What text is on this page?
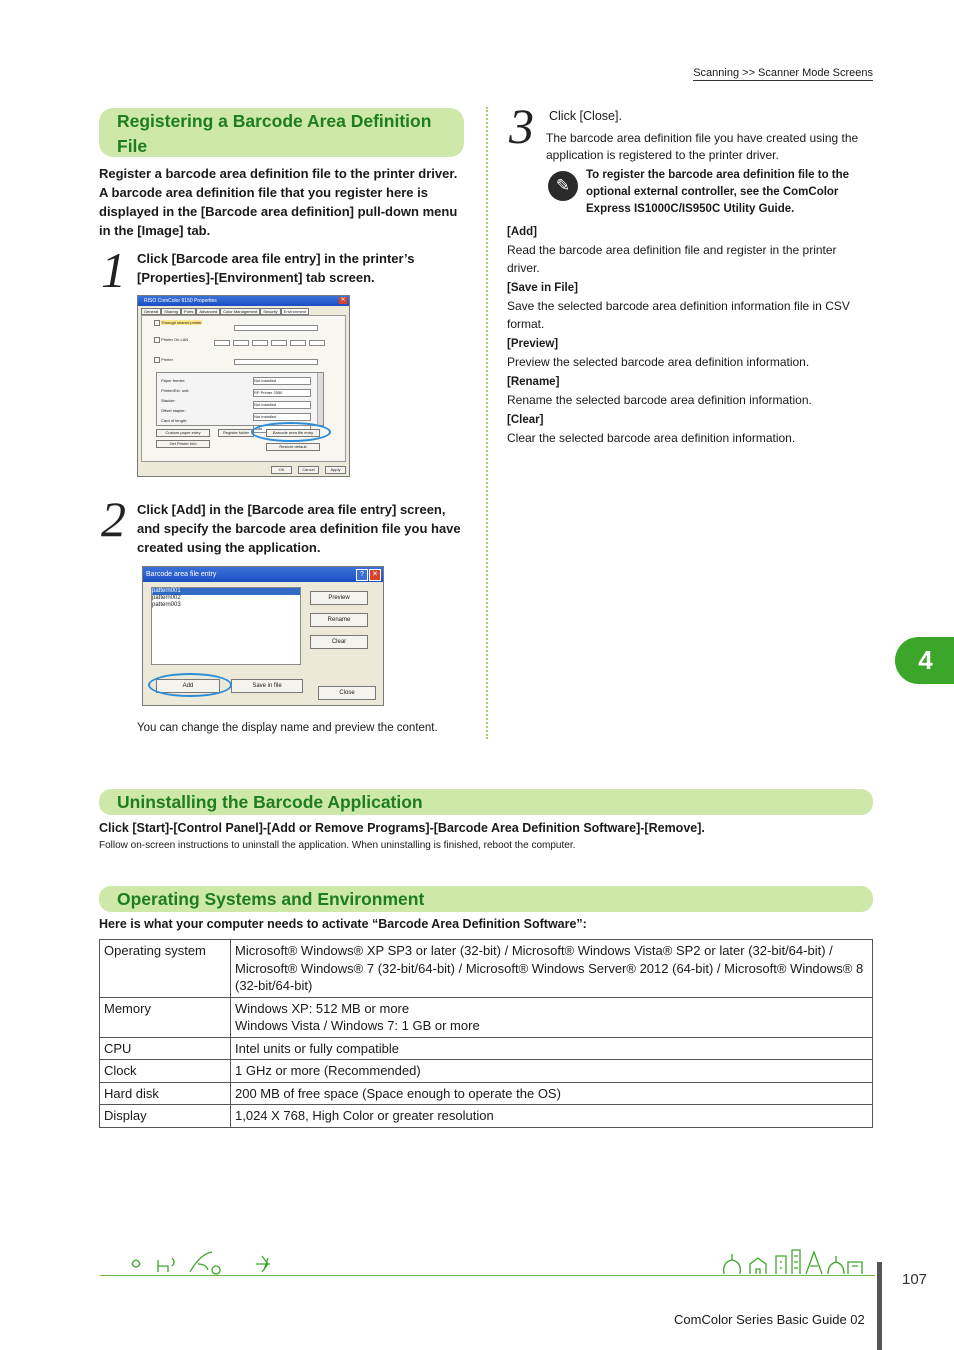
Scanning >> Scanner Mode Screens
Registering a Barcode Area Definition File
Register a barcode area definition file to the printer driver. A barcode area definition file that you register here is displayed in the [Barcode area definition] pull-down menu in the [Image] tab.
1 Click [Barcode area file entry] in the printer’s [Properties]-[Environment] tab screen.
RISO ComColor 9150 Properties	✕
General	Sharing	Ports	Advanced	Color Management	Security	Environment
Through shared printer
Printer On LAN
Printer
Paper feeder:
Printer/Ext. unit:
Stacker:
Offset stapler:
Card of length:
Not installed
RP Printer 2550
Not installed
Not installed
Auto
Custom paper entry	Register folder	Barcode area file entry
Get Printer Info
Restore default
OK	Cancel	Apply
2 Click [Add] in the [Barcode area file entry] screen, and specify the barcode area definition file you have created using the application.
Barcode area file entry	?	✕
pattern001
pattern002
pattern003
Preview
Rename
Clear
Add	Save in file
Close
You can change the display name and preview the content.
3 Click [Close].
The barcode area definition file you have created using the application is registered to the printer driver.
✎
To register the barcode area definition file to the optional external controller, see the ComColor Express IS1000C/IS950C Utility Guide.
[Add]
Read the barcode area definition file and register in the printer driver.
[Save in File]
Save the selected barcode area definition information file in CSV format.
[Preview]
Preview the selected barcode area definition information.
[Rename]
Rename the selected barcode area definition information.
[Clear]
Clear the selected barcode area definition information.
4
Uninstalling the Barcode Application
Click [Start]-[Control Panel]-[Add or Remove Programs]-[Barcode Area Definition Software]-[Remove].
Follow on-screen instructions to uninstall the application. When uninstalling is finished, reboot the computer.
Operating Systems and Environment
Here is what your computer needs to activate “Barcode Area Definition Software”:
Operating system	Microsoft® Windows® XP SP3 or later (32-bit) / Microsoft® Windows Vista® SP2 or later (32-bit/64-bit) / Microsoft® Windows® 7 (32-bit/64-bit) / Microsoft® Windows Server® 2012 (64-bit) / Microsoft® Windows® 8 (32-bit/64-bit)

Memory	Windows XP: 512 MB or more
Windows Vista / Windows 7: 1 GB or more

CPU	Intel units or fully compatible
Clock	1 GHz or more (Recommended)
Hard disk	200 MB of free space (Space enough to operate the OS)
Display	1,024 X 768, High Color or greater resolution
107
ComColor Series Basic Guide 02
